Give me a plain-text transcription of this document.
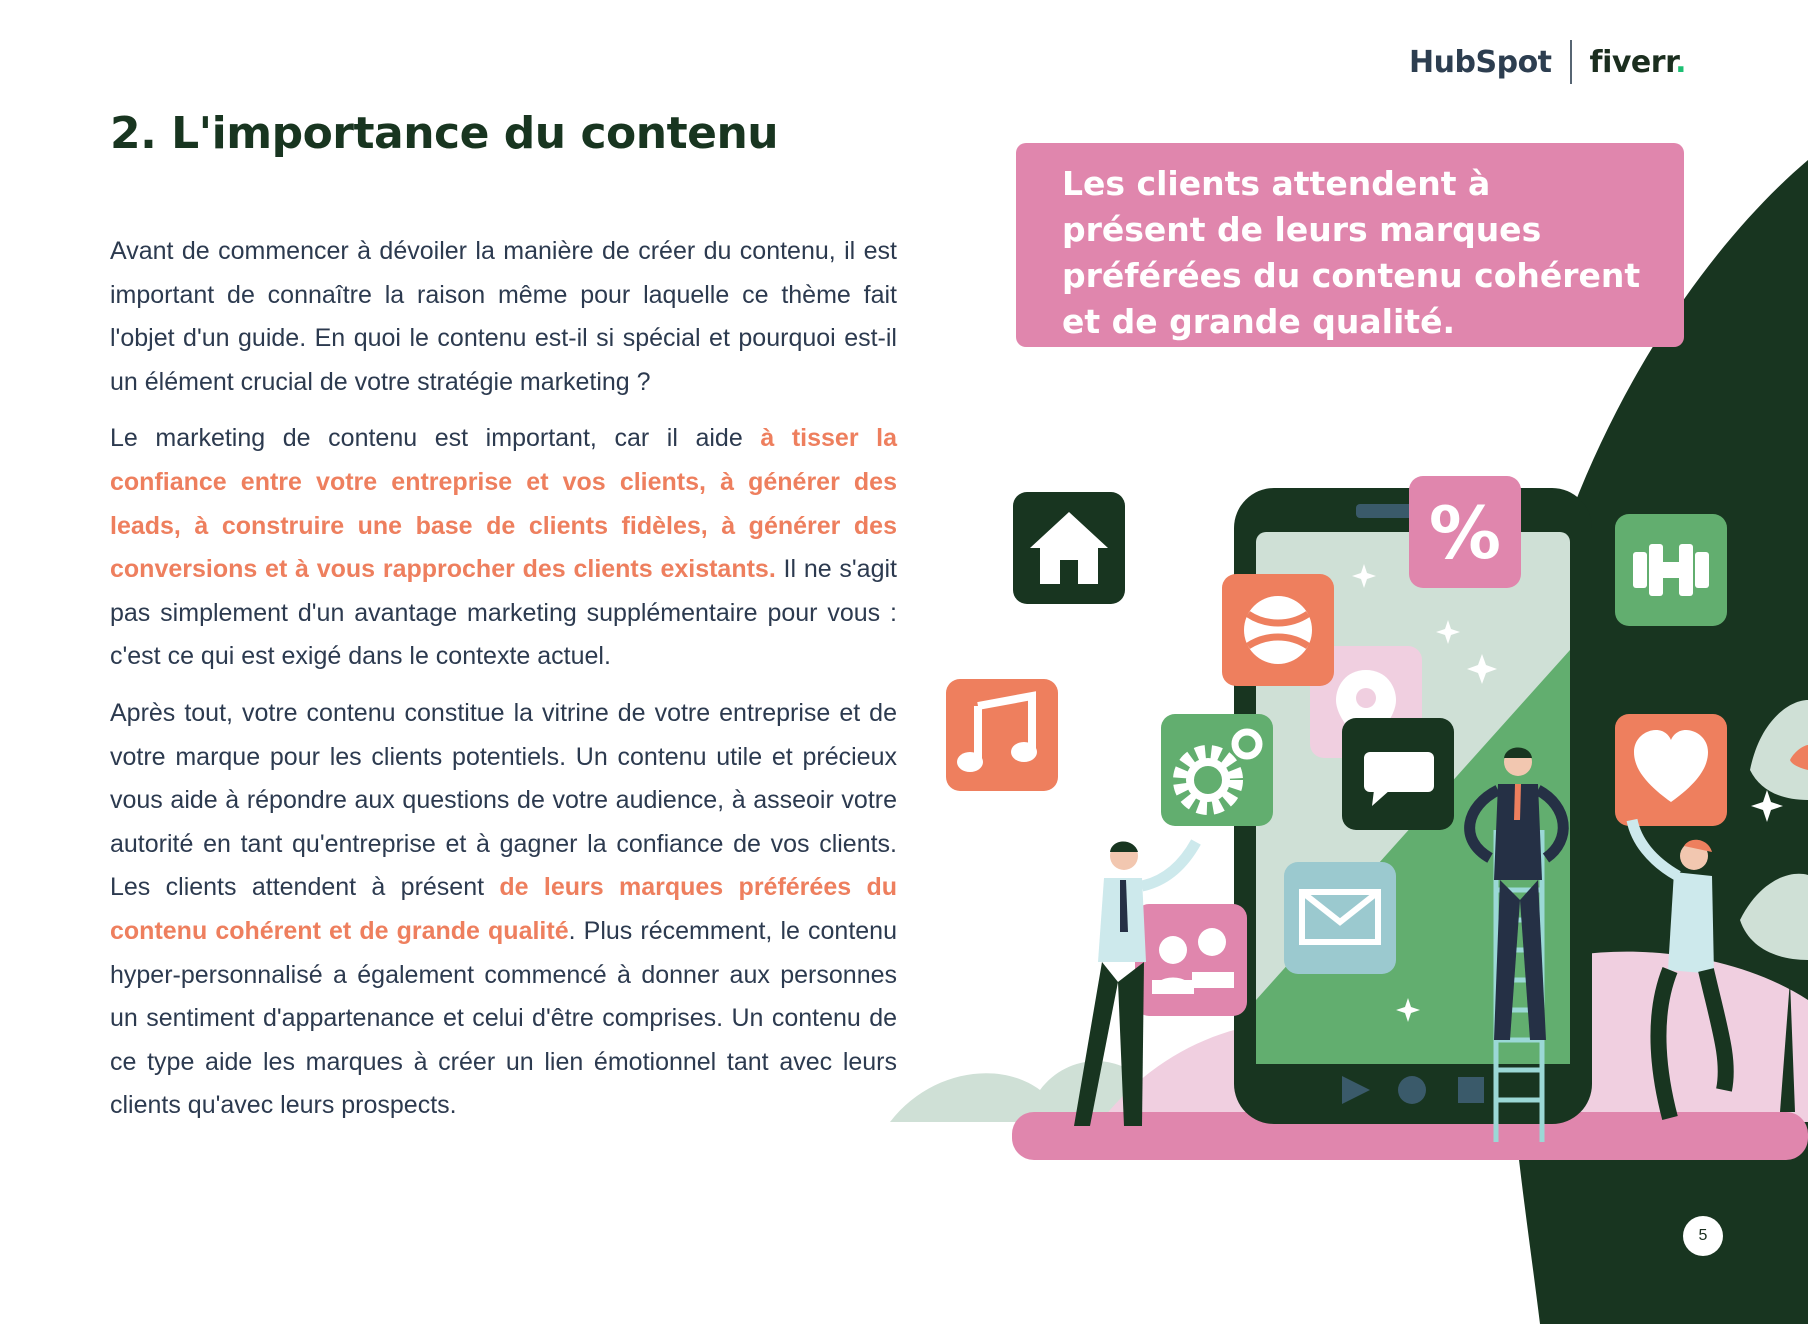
HubSpot fiverr.
2. L'importance du contenu

Avant de commencer à dévoiler la manière de créer du contenu, il est important de connaître la raison même pour laquelle ce thème fait l'objet d'un guide. En quoi le contenu est-il si spécial et pourquoi est-il un élément crucial de votre stratégie marketing ?

Le marketing de contenu est important, car il aide à tisser la confiance entre votre entreprise et vos clients, à générer des leads, à construire une base de clients fidèles, à générer des conversions et à vous rapprocher des clients existants. Il ne s'agit pas simplement d'un avantage marketing supplémentaire pour vous : c'est ce qui est exigé dans le contexte actuel.

Après tout, votre contenu constitue la vitrine de votre entreprise et de votre marque pour les clients potentiels. Un contenu utile et précieux vous aide à répondre aux questions de votre audience, à asseoir votre autorité en tant qu'entreprise et à gagner la confiance de vos clients. Les clients attendent à présent de leurs marques préférées du contenu cohérent et de grande qualité. Plus récemment, le contenu hyper-personnalisé a également commencé à donner aux personnes un sentiment d'appartenance et celui d'être comprises. Un contenu de ce type aide les marques à créer un lien émotionnel tant avec leurs clients qu'avec leurs prospects.

%

Les clients attendent à présent de leurs marques préférées du contenu cohérent et de grande qualité.

5
